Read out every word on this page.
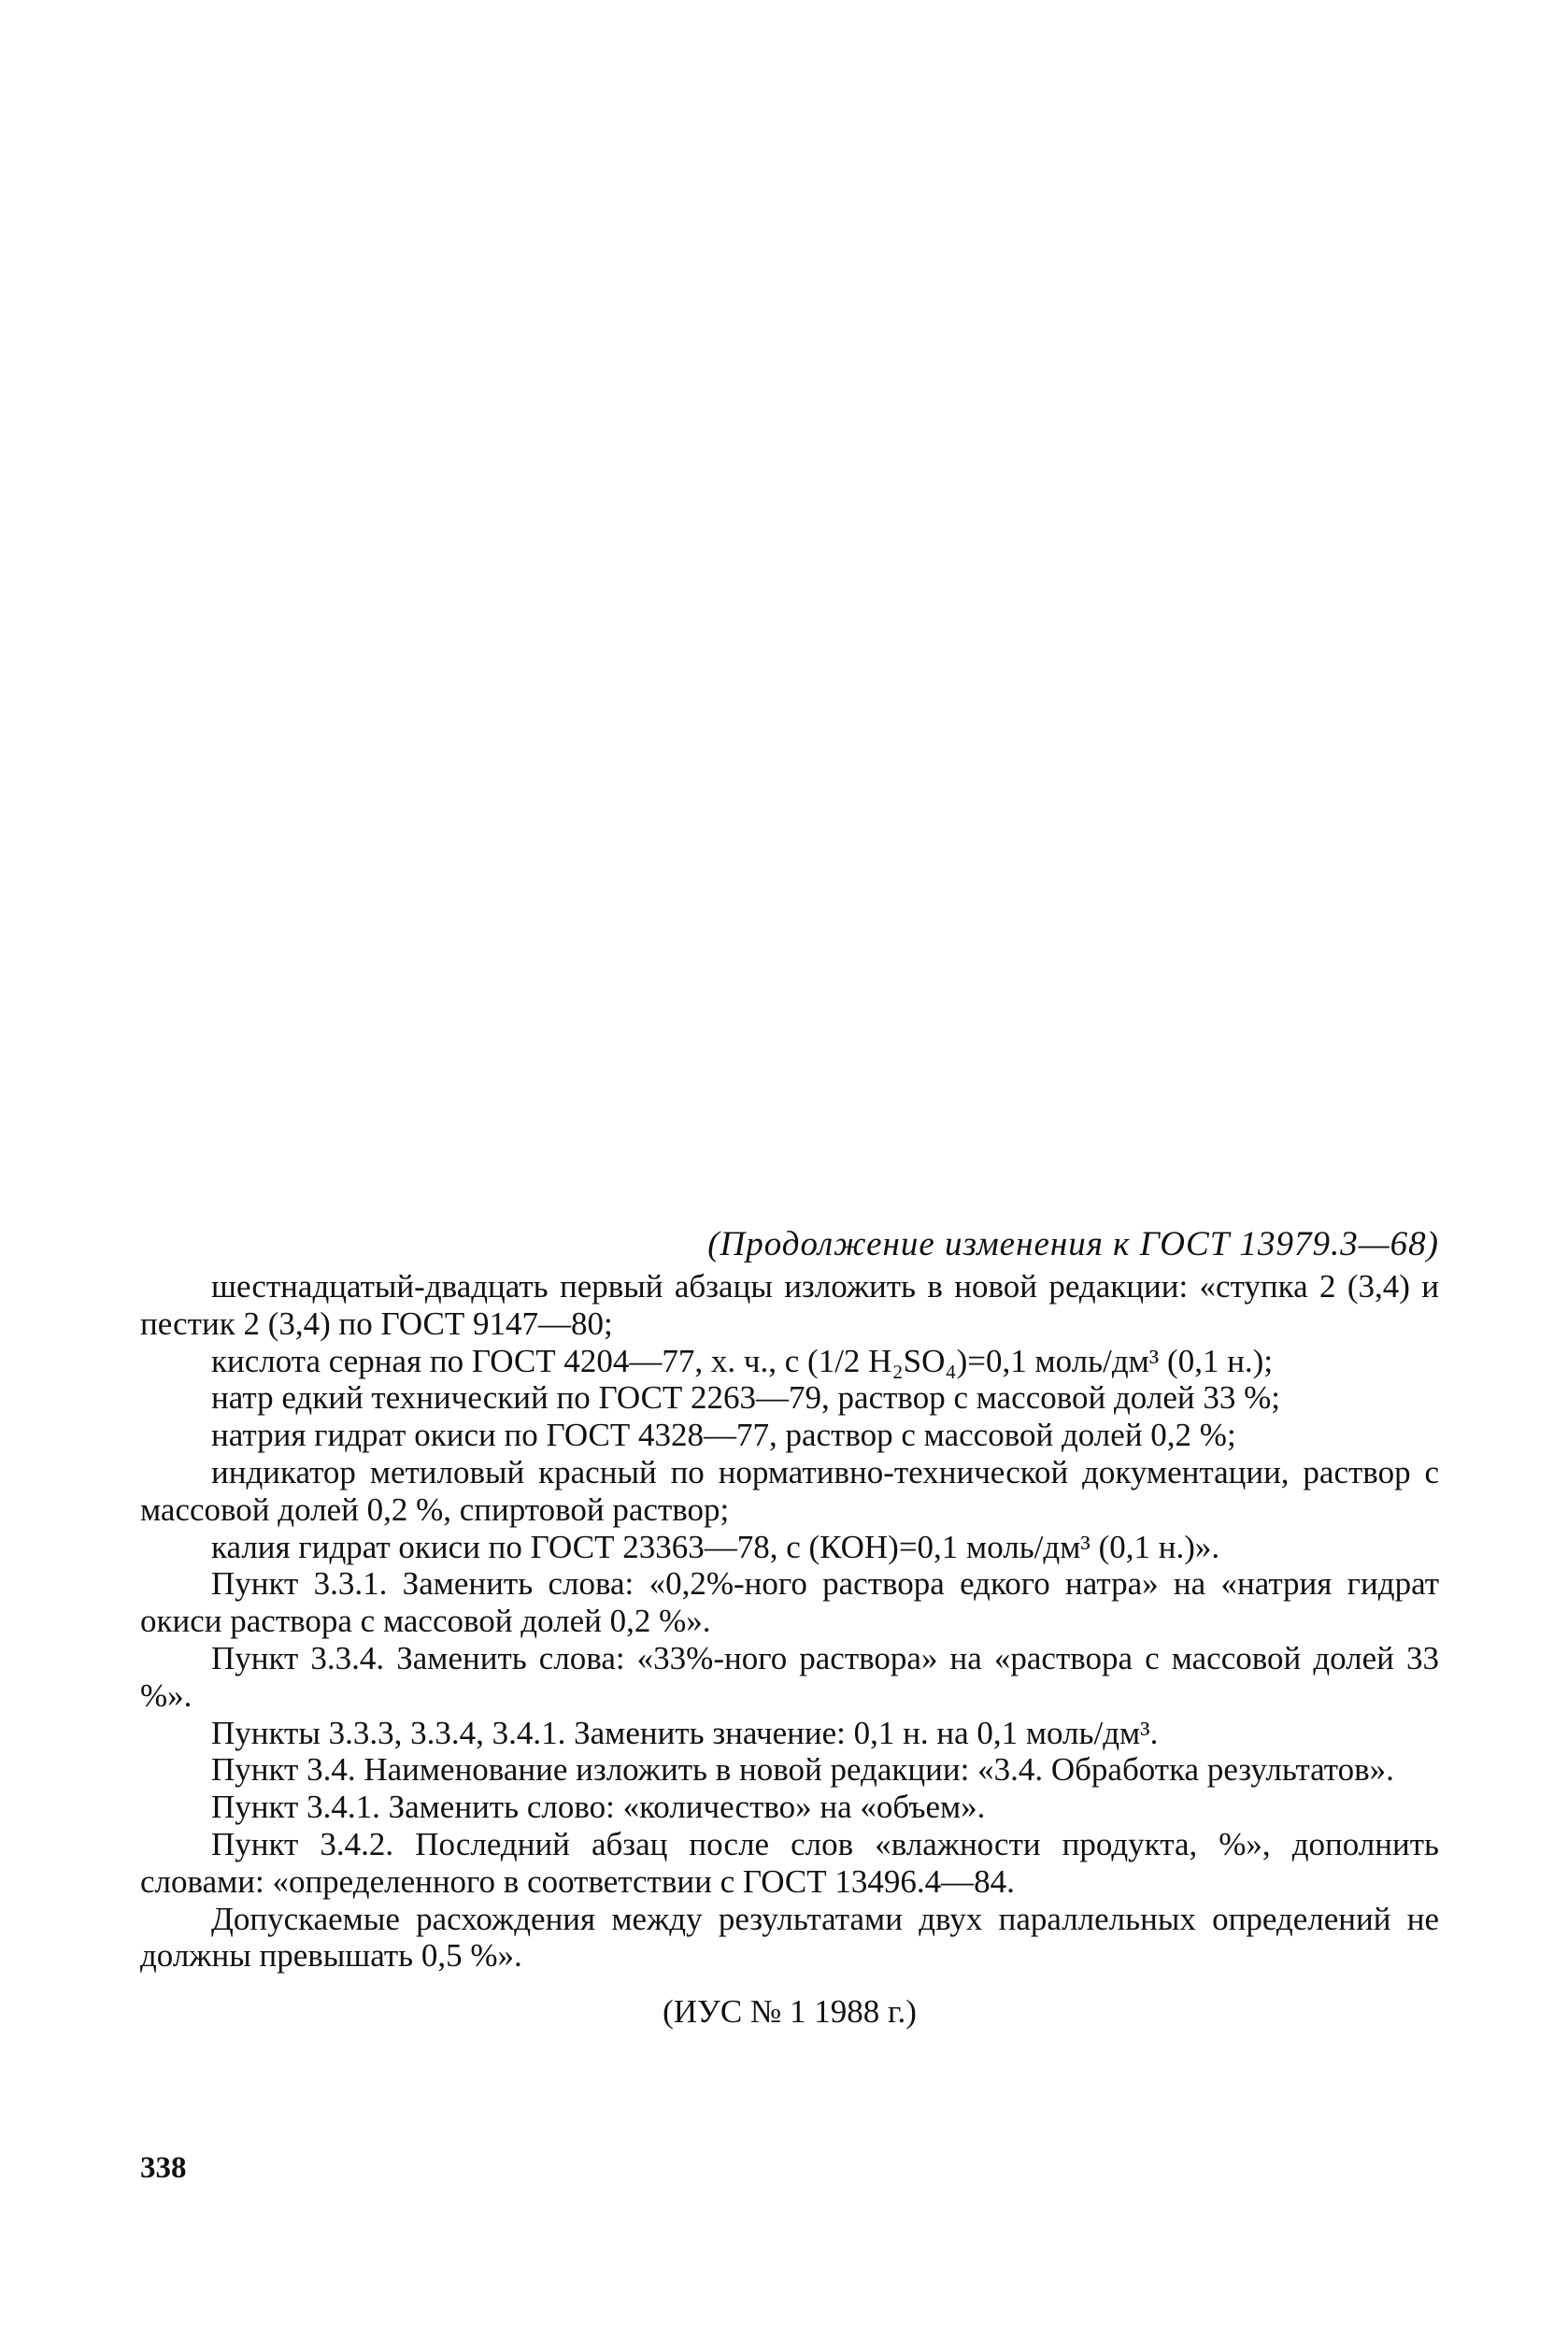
(Продолжение изменения к ГОСТ 13979.3—68)

шестнадцатый-двадцать первый абзацы изложить в новой редакции: «ступка 2 (3,4) и пестик 2 (3,4) по ГОСТ 9147—80;

кислота серная по ГОСТ 4204—77, х. ч., с (1/2 H₂SO₄)=0,1 моль/дм³ (0,1 н.);

натр едкий технический по ГОСТ 2263—79, раствор с массовой долей 33 %;

натрия гидрат окиси по ГОСТ 4328—77, раствор с массовой долей 0,2 %;

индикатор метиловый красный по нормативно-технической документации, раствор с массовой долей 0,2 %, спиртовой раствор;

калия гидрат окиси по ГОСТ 23363—78, с (КОН)=0,1 моль/дм³ (0,1 н.)».

Пункт 3.3.1. Заменить слова: «0,2%-ного раствора едкого натра» на «натрия гидрат окиси раствора с массовой долей 0,2 %».

Пункт 3.3.4. Заменить слова: «33%-ного раствора» на «раствора с массовой долей 33 %».

Пункты 3.3.3, 3.3.4, 3.4.1. Заменить значение: 0,1 н. на 0,1 моль/дм³.

Пункт 3.4. Наименование изложить в новой редакции: «3.4. Обработка результатов».

Пункт 3.4.1. Заменить слово: «количество» на «объем».

Пункт 3.4.2. Последний абзац после слов «влажности продукта, %», дополнить словами: «определенного в соответствии с ГОСТ 13496.4—84.

Допускаемые расхождения между результатами двух параллельных определений не должны превышать 0,5 %».

(ИУС № 1 1988 г.)
338
